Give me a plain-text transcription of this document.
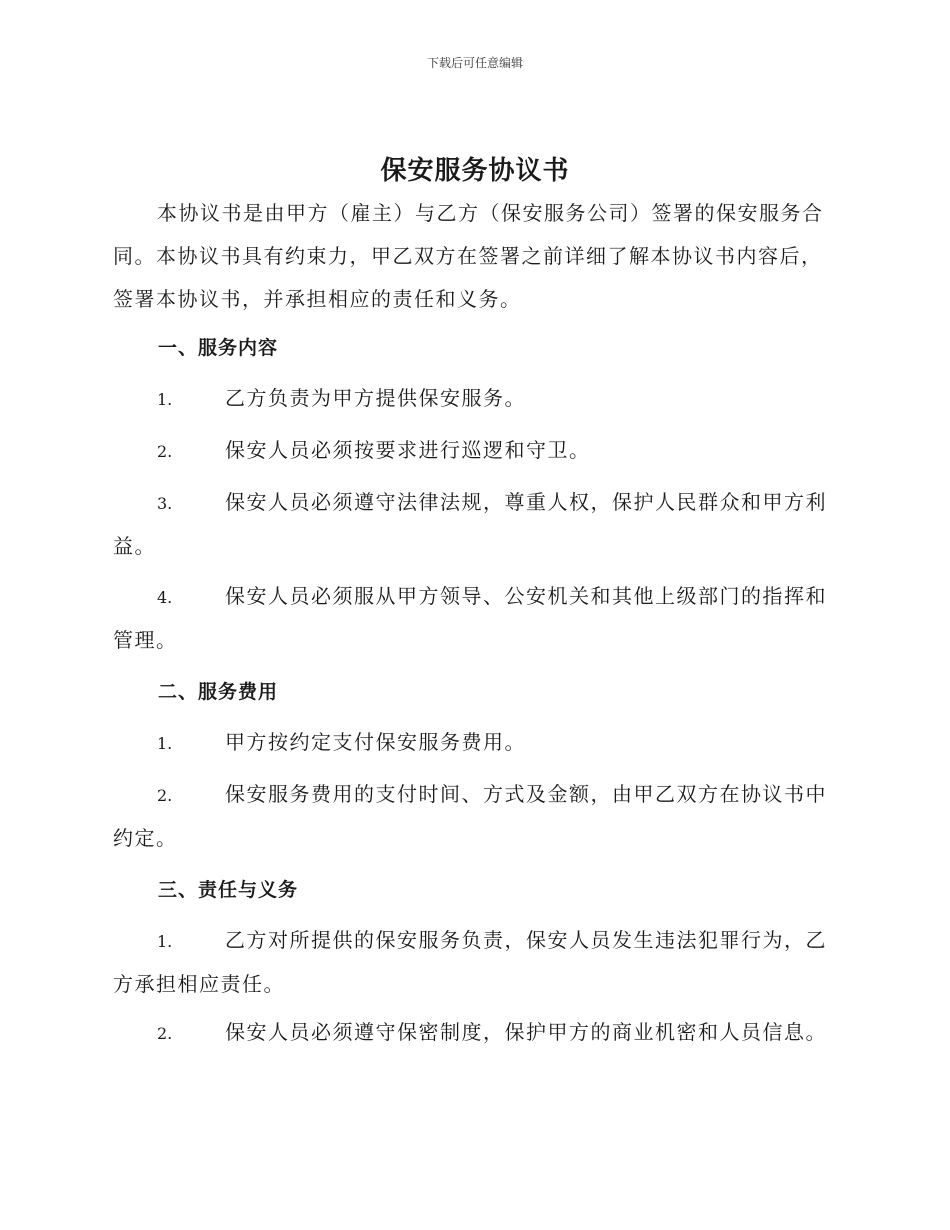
下载后可任意编辑
保安服务协议书

本协议书是由甲方（雇主）与乙方（保安服务公司）签署的保安服务合同。本协议书具有约束力，甲乙双方在签署之前详细了解本协议书内容后，签署本协议书，并承担相应的责任和义务。

一、服务内容

1.	乙方负责为甲方提供保安服务。

2.	保安人员必须按要求进行巡逻和守卫。

3.	保安人员必须遵守法律法规，尊重人权，保护人民群众和甲方利益。

4.	保安人员必须服从甲方领导、公安机关和其他上级部门的指挥和管理。

二、服务费用

1.	甲方按约定支付保安服务费用。

2.	保安服务费用的支付时间、方式及金额，由甲乙双方在协议书中约定。

三、责任与义务

1.	乙方对所提供的保安服务负责，保安人员发生违法犯罪行为，乙方承担相应责任。

2.	保安人员必须遵守保密制度，保护甲方的商业机密和人员信息。
